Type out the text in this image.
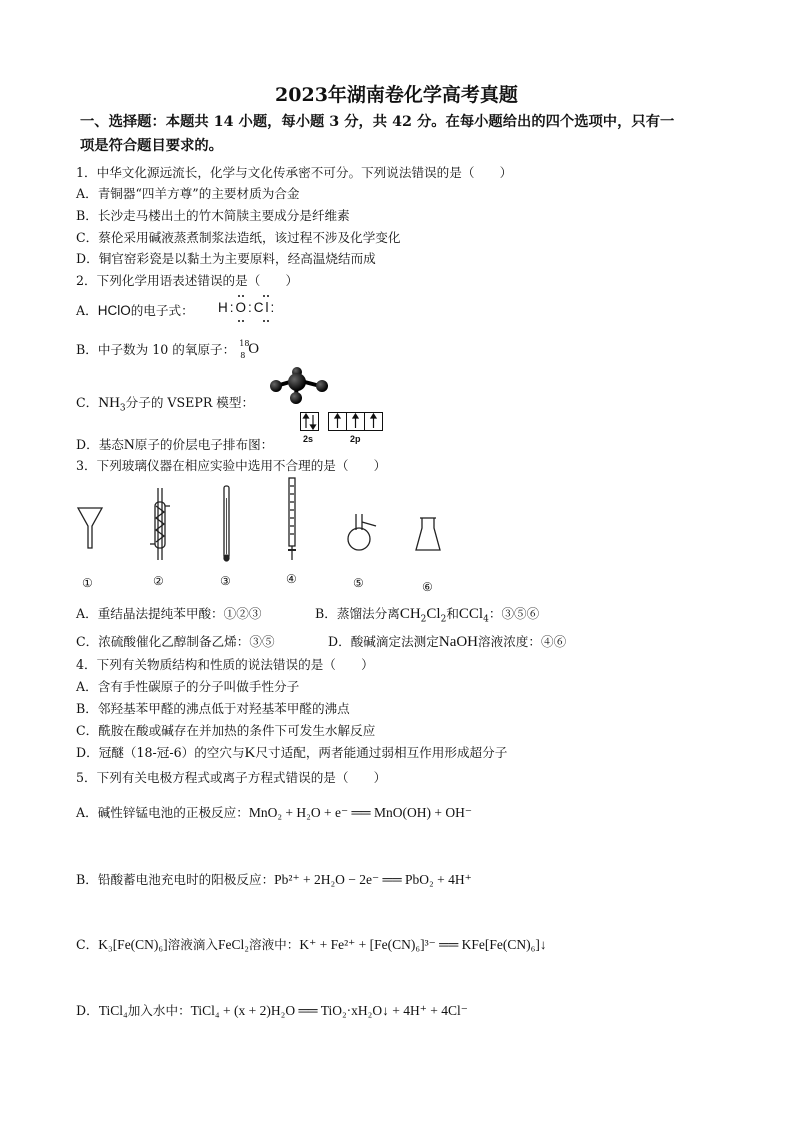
2023年湖南卷化学高考真题
一、选择题：本题共 14 小题，每小题 3 分，共 42 分。在每小题给出的四个选项中，只有一
项是符合题目要求的。
1．中华文化源远流长，化学与文化传承密不可分。下列说法错误的是（　　）
A．青铜器“四羊方尊”的主要材质为合金
B．长沙走马楼出土的竹木简牍主要成分是纤维素
C．蔡伦采用碱液蒸煮制浆法造纸，该过程不涉及化学变化
D．铜官窑彩瓷是以黏土为主要原料，经高温烧结而成
2．下列化学用语表述错误的是（　　）
A．HClO的电子式： H:O:Cl:
B．中子数为 10 的氧原子： 18
8 O
C．$NH_3$分子的 VSEPR 模型：
D．基态N原子的价层电子排布图：	2s	2p
3．下列玻璃仪器在相应实验中选用不合理的是（　　）
①	②	③	④	⑤	⑥
A．重结晶法提纯苯甲酸：①②③	B．蒸馏法分离$CH_2Cl_2$和CCl$_4$：③⑤⑥
C．浓硫酸催化乙醇制备乙烯：③⑤	D．酸碱滴定法测定NaOH溶液浓度：④⑥
4．下列有关物质结构和性质的说法错误的是（　　）
A．含有手性碳原子的分子叫做手性分子
B．邻羟基苯甲醛的沸点低于对羟基苯甲醛的沸点
C．酰胺在酸或碱存在并加热的条件下可发生水解反应
D．冠醚（18-冠-6）的空穴与K尺寸适配，两者能通过弱相互作用形成超分子
5．下列有关电极方程式或离子方程式错误的是（　　）
A．碱性锌锰电池的正极反应：MnO₂ + H₂O + e⁻ ══ MnO(OH) + OH⁻
B．铅酸蓄电池充电时的阳极反应：Pb²⁺ + 2H₂O − 2e⁻ ══ PbO₂ + 4H⁺
C．K₃[Fe(CN)₆]溶液滴入FeCl₂溶液中：K⁺ + Fe²⁺ + [Fe(CN)₆]³⁻ ══ KFe[Fe(CN)₆]↓
D．TiCl₄加入水中：TiCl₄ + (x + 2)H₂O ══ TiO₂·xH₂O↓ + 4H⁺ + 4Cl⁻
